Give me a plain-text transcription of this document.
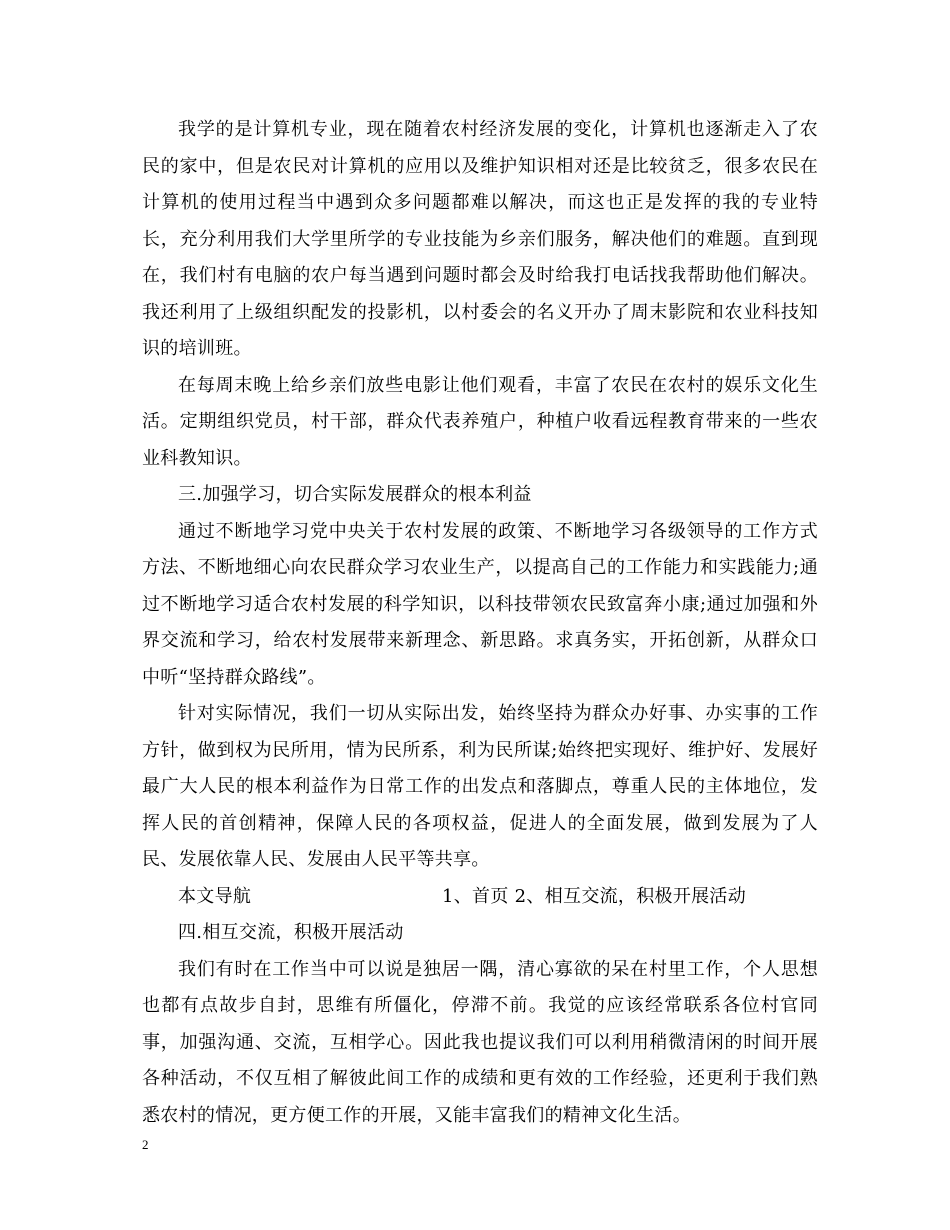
我学的是计算机专业，现在随着农村经济发展的变化，计算机也逐渐走入了农民的家中，但是农民对计算机的应用以及维护知识相对还是比较贫乏，很多农民在计算机的使用过程当中遇到众多问题都难以解决，而这也正是发挥的我的专业特长，充分利用我们大学里所学的专业技能为乡亲们服务，解决他们的难题。直到现在，我们村有电脑的农户每当遇到问题时都会及时给我打电话找我帮助他们解决。我还利用了上级组织配发的投影机，以村委会的名义开办了周末影院和农业科技知识的培训班。

在每周末晚上给乡亲们放些电影让他们观看，丰富了农民在农村的娱乐文化生活。定期组织党员，村干部，群众代表养殖户，种植户收看远程教育带来的一些农业科教知识。

三.加强学习，切合实际发展群众的根本利益

通过不断地学习党中央关于农村发展的政策、不断地学习各级领导的工作方式方法、不断地细心向农民群众学习农业生产，以提高自己的工作能力和实践能力;通过不断地学习适合农村发展的科学知识，以科技带领农民致富奔小康;通过加强和外界交流和学习，给农村发展带来新理念、新思路。求真务实，开拓创新，从群众口中听“坚持群众路线”。

针对实际情况，我们一切从实际出发，始终坚持为群众办好事、办实事的工作方针，做到权为民所用，情为民所系，利为民所谋;始终把实现好、维护好、发展好最广大人民的根本利益作为日常工作的出发点和落脚点，尊重人民的主体地位，发挥人民的首创精神，保障人民的各项权益，促进人的全面发展，做到发展为了人民、发展依靠人民、发展由人民平等共享。

本文导航	1、首页 2、相互交流，积极开展活动

四.相互交流，积极开展活动

我们有时在工作当中可以说是独居一隅，清心寡欲的呆在村里工作，个人思想也都有点故步自封，思维有所僵化，停滞不前。我觉的应该经常联系各位村官同事，加强沟通、交流，互相学心。因此我也提议我们可以利用稍微清闲的时间开展各种活动，不仅互相了解彼此间工作的成绩和更有效的工作经验，还更利于我们熟悉农村的情况，更方便工作的开展，又能丰富我们的精神文化生活。

2
